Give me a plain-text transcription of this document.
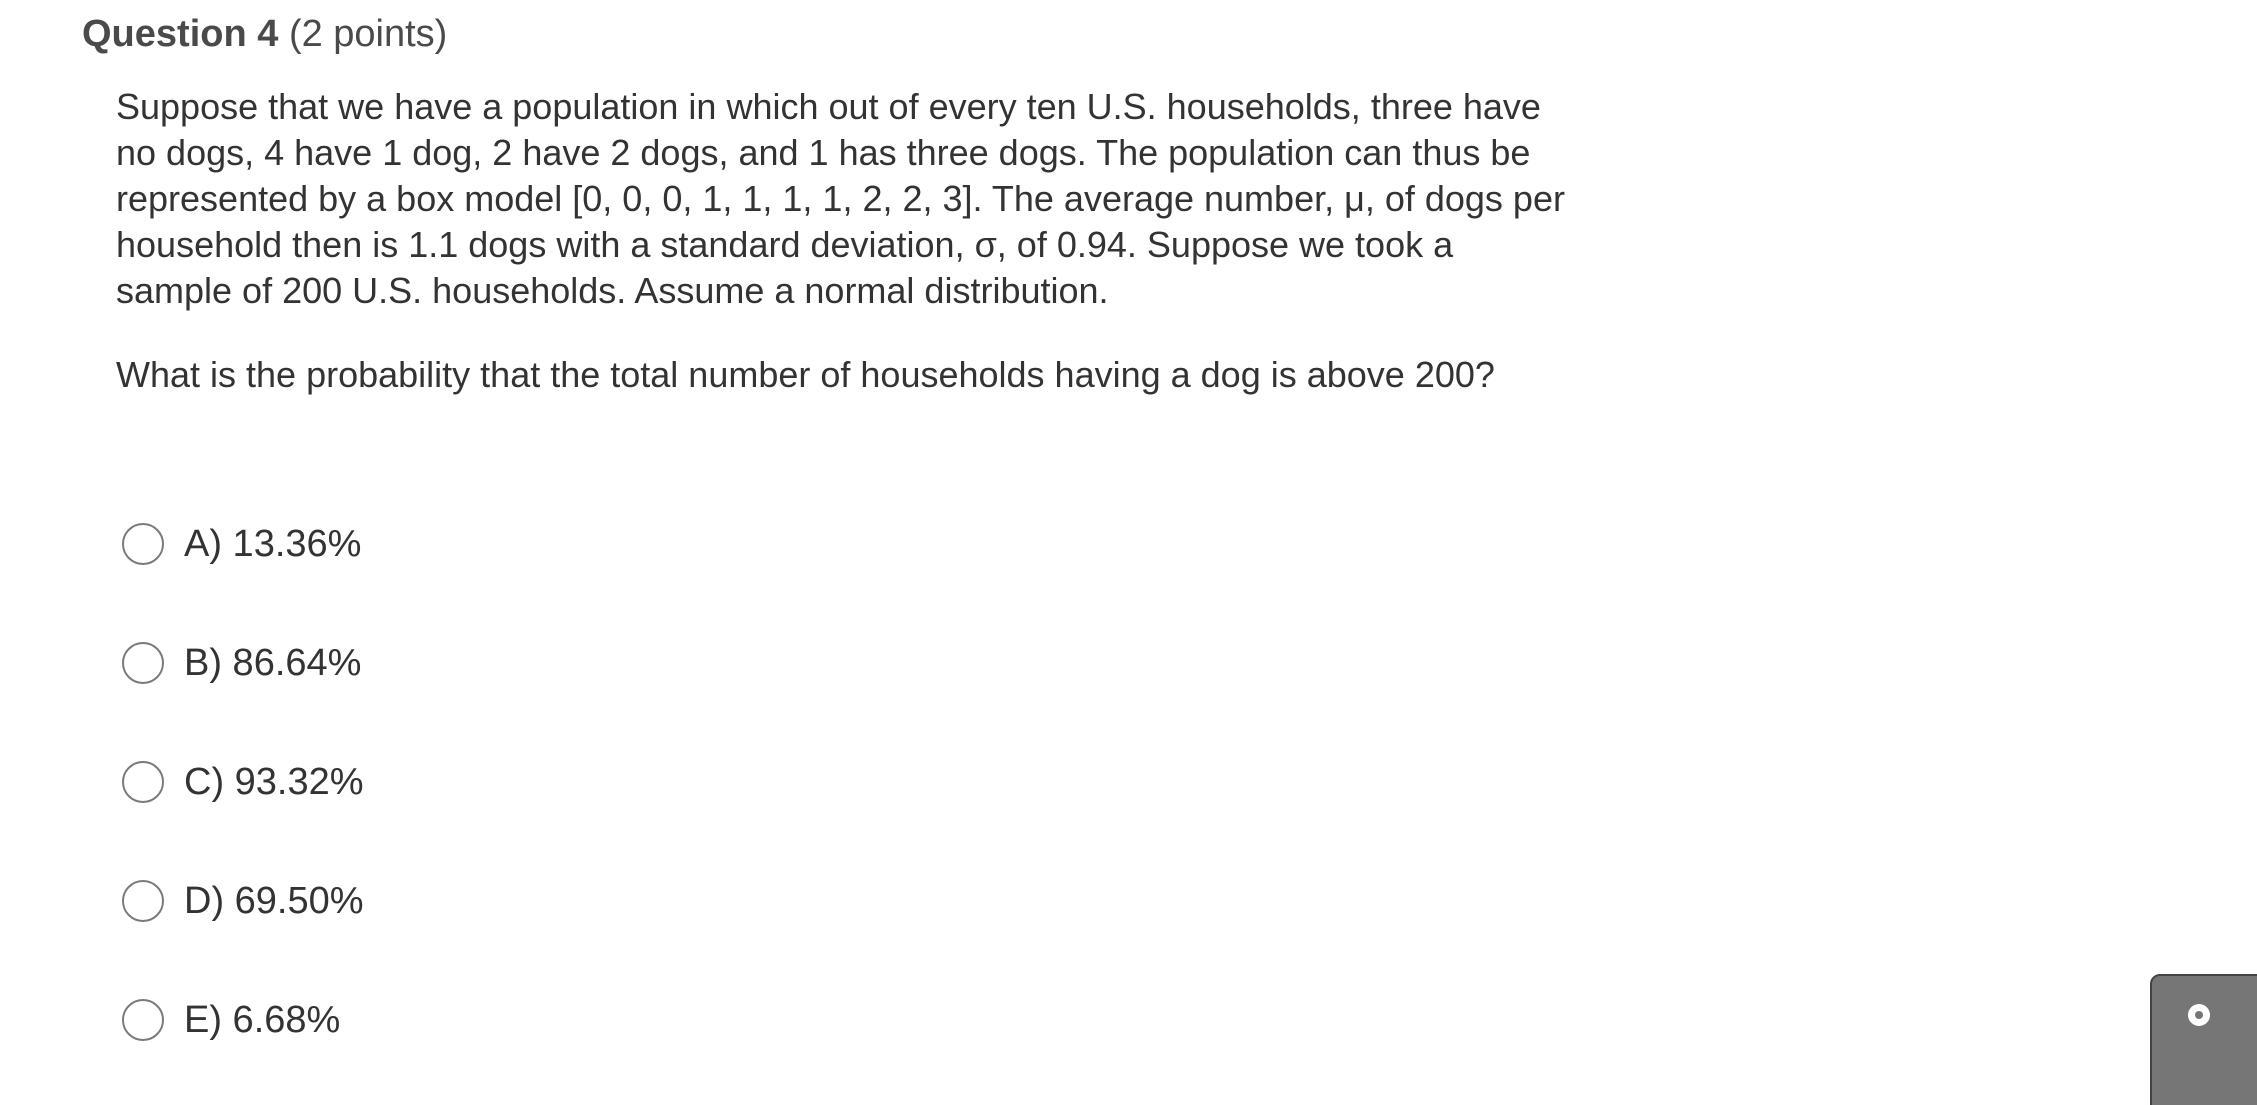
Question 4 (2 points)

Suppose that we have a population in which out of every ten U.S. households, three have no dogs, 4 have 1 dog, 2 have 2 dogs, and 1 has three dogs. The population can thus be represented by a box model [0, 0, 0, 1, 1, 1, 1, 2, 2, 3]. The average number, μ, of dogs per household then is 1.1 dogs with a standard deviation, σ, of 0.94. Suppose we took a sample of 200 U.S. households. Assume a normal distribution.

What is the probability that the total number of households having a dog is above 200?

A) 13.36%
B) 86.64%
C) 93.32%
D) 69.50%
E) 6.68%
